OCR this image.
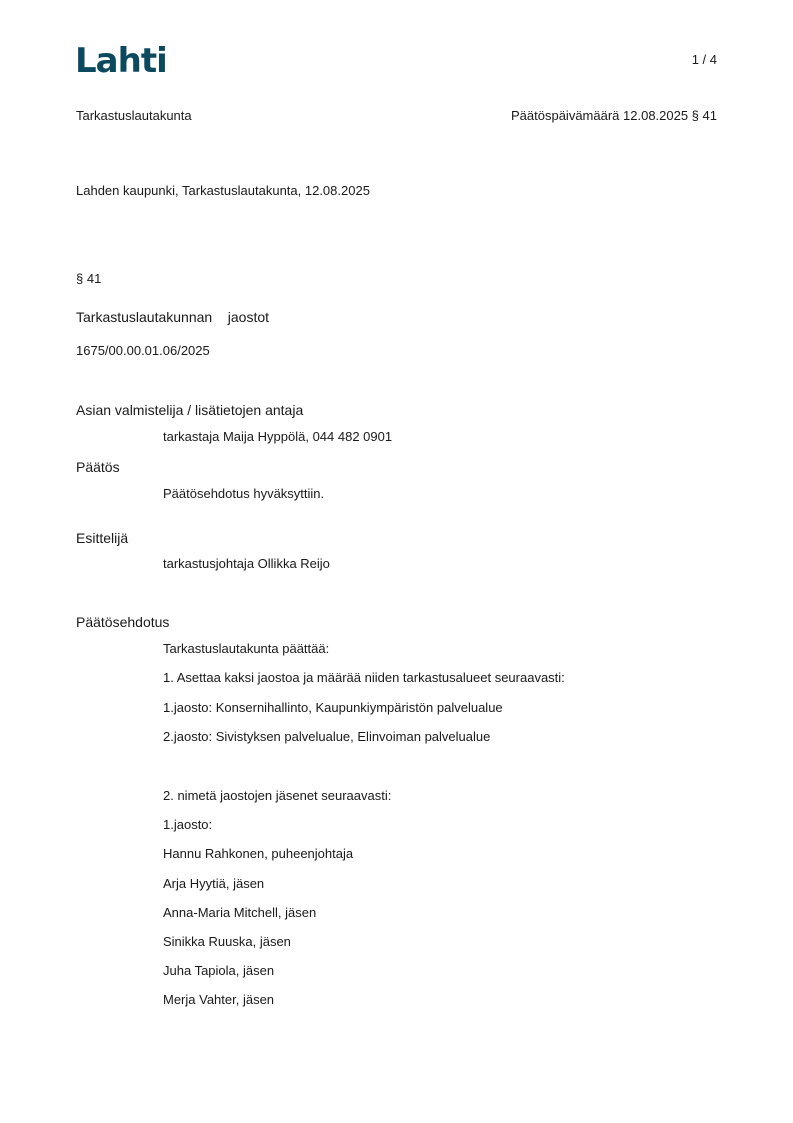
Lahti	1 / 4
Tarkastuslautakunta	Päätöspäivämäärä 12.08.2025 § 41
Lahden kaupunki, Tarkastuslautakunta, 12.08.2025
§ 41
Tarkastuslautakunnan    jaostot
1675/00.00.01.06/2025
Asian valmistelija / lisätietojen antaja
tarkastaja Maija Hyppölä, 044 482 0901
Päätös
Päätösehdotus hyväksyttiin.
Esittelijä
tarkastusjohtaja Ollikka Reijo
Päätösehdotus
Tarkastuslautakunta päättää:
1. Asettaa kaksi jaostoa ja määrää niiden tarkastusalueet seuraavasti:
1.jaosto: Konsernihallinto, Kaupunkiympäristön palvelualue
2.jaosto: Sivistyksen palvelualue, Elinvoiman palvelualue
2. nimetä jaostojen jäsenet seuraavasti:
1.jaosto:
Hannu Rahkonen, puheenjohtaja
Arja Hyytiä, jäsen
Anna-Maria Mitchell, jäsen
Sinikka Ruuska, jäsen
Juha Tapiola, jäsen
Merja Vahter, jäsen
